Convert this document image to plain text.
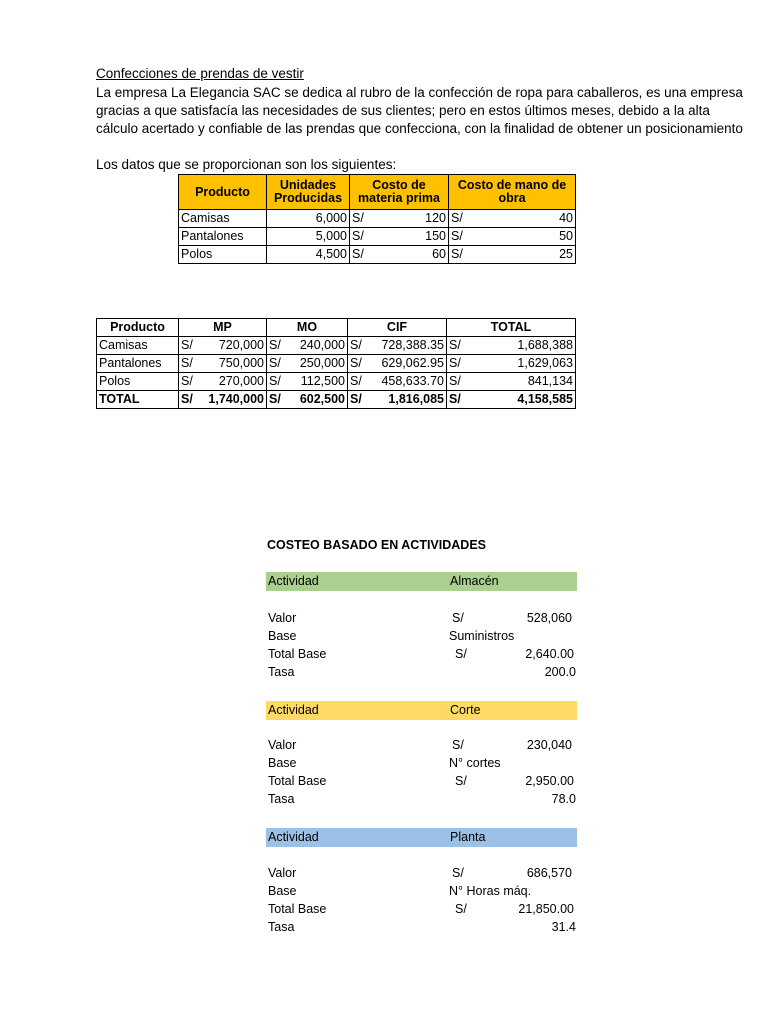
Confecciones de prendas de vestir
La empresa La Elegancia SAC se dedica al rubro de la confección de ropa para caballeros, es una empresa
gracias a que satisfacía las necesidades de sus clientes; pero en estos últimos meses, debido a la alta
cálculo acertado y confiable de las prendas que confecciona, con la finalidad de obtener un posicionamiento
Los datos que se proporcionan son los siguientes:
Producto	Unidades Producidas	Costo de materia prima		Costo de mano de obra	
Camisas	6,000	S/	120	S/	40
Pantalones	5,000	S/	150	S/	50
Polos	4,500	S/	60	S/	25
Producto	MP		MO		CIF		TOTAL	
Camisas	S/	720,000	S/	240,000	S/	728,388.35	S/	1,688,388
Pantalones	S/	750,000	S/	250,000	S/	629,062.95	S/	1,629,063
Polos	S/	270,000	S/	112,500	S/	458,633.70	S/	841,134
TOTAL	S/	1,740,000	S/	602,500	S/	1,816,085	S/	4,158,585
COSTEO BASADO EN ACTIVIDADES
Actividad	Almacén
Valor	S/	528,060
Base	Suministros
Total Base	S/	2,640.00
Tasa	200.0
Actividad	Corte
Valor	S/	230,040
Base	N° cortes
Total Base	S/	2,950.00
Tasa	78.0
Actividad	Planta
Valor	S/	686,570
Base	N° Horas máq.
Total Base	S/	21,850.00
Tasa	31.4
